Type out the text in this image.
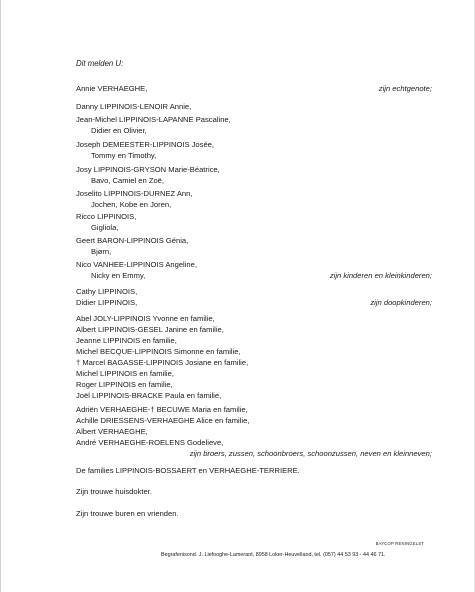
Dit melden U:
Annie VERHAEGHE,	zijn echtgenote;
Danny LIPPINOIS-LENOIR Annie,
Jean-Michel LIPPINOIS-LAPANNE Pascaline,
Didier en Olivier,
Joseph DEMEESTER-LIPPINOIS Josée,
Tommy en Timothy,
Josy LIPPINOIS-GRYSON Marie-Béatrice,
Bavo, Camiel en Zoë,
Joselito LIPPINOIS-DURNEZ Ann,
Jochen, Kobe en Joren,
Ricco LIPPINOIS,
Gigliola,
Geert BARON-LIPPINOIS Génia,
Bjørn,
Nico VANHEE-LIPPINOIS Angeline,
Nicky en Emmy,	zijn kinderen en kleinkinderen;
Cathy LIPPINOIS,
Didier LIPPINOIS,	zijn doopkinderen;
Abel JOLY-LIPPINOIS Yvonne en familie,
Albert LIPPINOIS-GESEL Janine en familie,
Jeanne LIPPINOIS en familie,
Michel BECQUE-LIPPINOIS Simonne en familie,
† Marcel BAGASSE-LIPPINOIS Josiane en familie,
Michel LIPPINOIS en familie,
Roger LIPPINOIS en familie,
Joël LIPPINOIS-BRACKE Paula en familie,
Adriën VERHAEGHE-† BECUWE Maria en familie,
Achille DRIESSENS-VERHAEGHE Alice en familie,
Albert VERHAEGHE,
André VERHAEGHE-ROELENS Godelieve,
zijn broers, zussen, schoonbroers, schoonzussen, neven en kleinneven;
De families LIPPINOIS-BOSSAERT en VERHAEGHE-TERRIERE.
Zijn trouwe huisdokter.
Zijn trouwe buren en vrienden.
BAYCOP RENINGELST
Begrafenisond. J. Liefooghe-Lamerant, 8958 Loker-Heuvelland, tel. (057) 44 53 93 - 44 46 71.
